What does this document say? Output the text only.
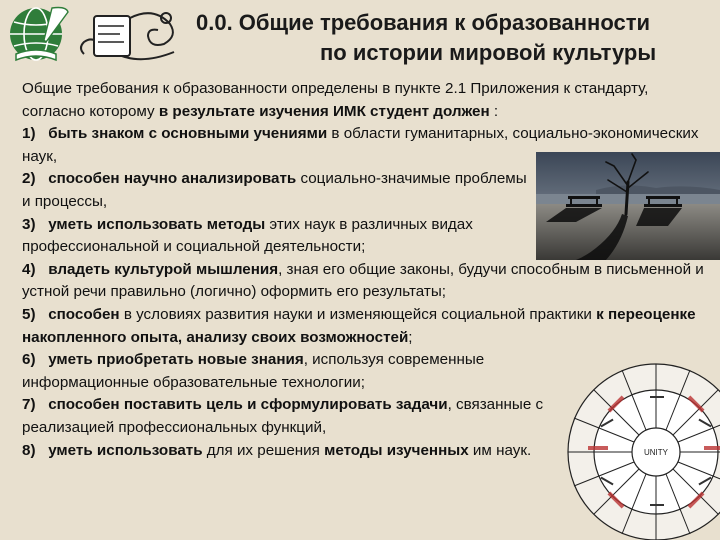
0.0. Общие требования к образованности
по истории мировой культуры
UNITY

Общие требования к образованности определены в пункте 2.1 Приложения к стандарту, согласно которому в результате изучения ИМК студент должен :

1) быть знаком с основными учениями в области гуманитарных, социально-экономических наук,

2) способен научно анализировать социально-значимые проблемы и процессы,

3) уметь использовать методы этих наук в различных видах профессиональной и социальной деятельности;

4) владеть культурой мышления, зная его общие законы, будучи способным в письменной и устной речи правильно (логично) оформить его результаты;

5) способен в условиях развития науки и изменяющейся социальной практики к переоценке накопленного опыта, анализу своих возможностей;

6) уметь приобретать новые знания, используя современные информационные образовательные технологии;

7) способен поставить цель и сформулировать задачи, связанные с реализацией профессиональных функций,

8) уметь использовать для их решения методы изученных им наук.
